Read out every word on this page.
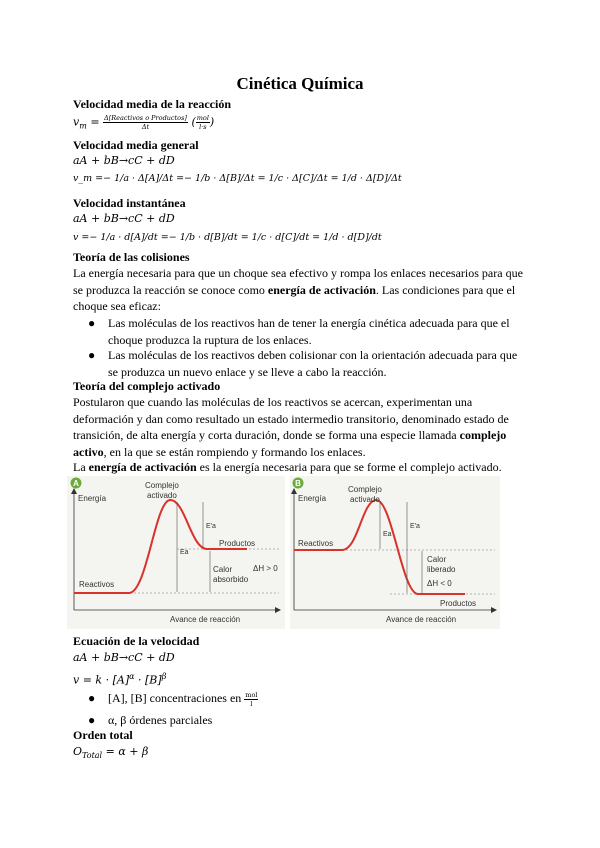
Cinética Química
Velocidad media de la reacción
$v_m = \frac{\text{Δ[Reactivos o Productos]}}{\Delta t}$ ( $\frac{\text{mol}}{l\cdot s}$ )
Velocidad media general
aA + bB→cC + dD
v_m =− 1/a · Δ[A]/Δt =− 1/b · Δ[B]/Δt = 1/c · Δ[C]/Δt = 1/d · Δ[D]/Δt
Velocidad instantánea
aA + bB→cC + dD
v =− 1/a · d[A]/dt =− 1/b · d[B]/dt = 1/c · d[C]/dt = 1/d · d[D]/dt
Teoría de las colisiones
La energía necesaria para que un choque sea efectivo y rompa los enlaces necesarios para que se produzca la reacción se conoce como energía de activación. Las condiciones para que el choque sea eficaz:
● Las moléculas de los reactivos han de tener la energía cinética adecuada para que el choque produzca la ruptura de los enlaces.
● Las moléculas de los reactivos deben colisionar con la orientación adecuada para que se produzca un nuevo enlace y se lleve a cabo la reacción.
Teoría del complejo activado
Postularon que cuando las moléculas de los reactivos se acercan, experimentan una deformación y dan como resultado un estado intermedio transitorio, denominado estado de transición, de alta energía y corta duración, donde se forma una especie llamada complejo activo, en la que se están rompiendo y formando los enlaces.
La energía de activación es la energía necesaria para que se forme el complejo activado.
A
Energía
Avance de reacción
Complejo
activado
E′a
Ea
Reactivos
Productos
Calor
absorbido
ΔH > 0
B
Energía
Avance de reacción
Complejo
activado
E′a
Ea
Reactivos
Productos
Calor
liberado
ΔH < 0
Ecuación de la velocidad
aA + bB→cC + dD
$v = k \cdot [A]^\alpha \cdot [B]^\beta$
● [A], [B] concentraciones en $\frac{\text{mol}}{l}$
● α, β órdenes parciales
Orden total
$O_{Total} = \alpha + \beta$
